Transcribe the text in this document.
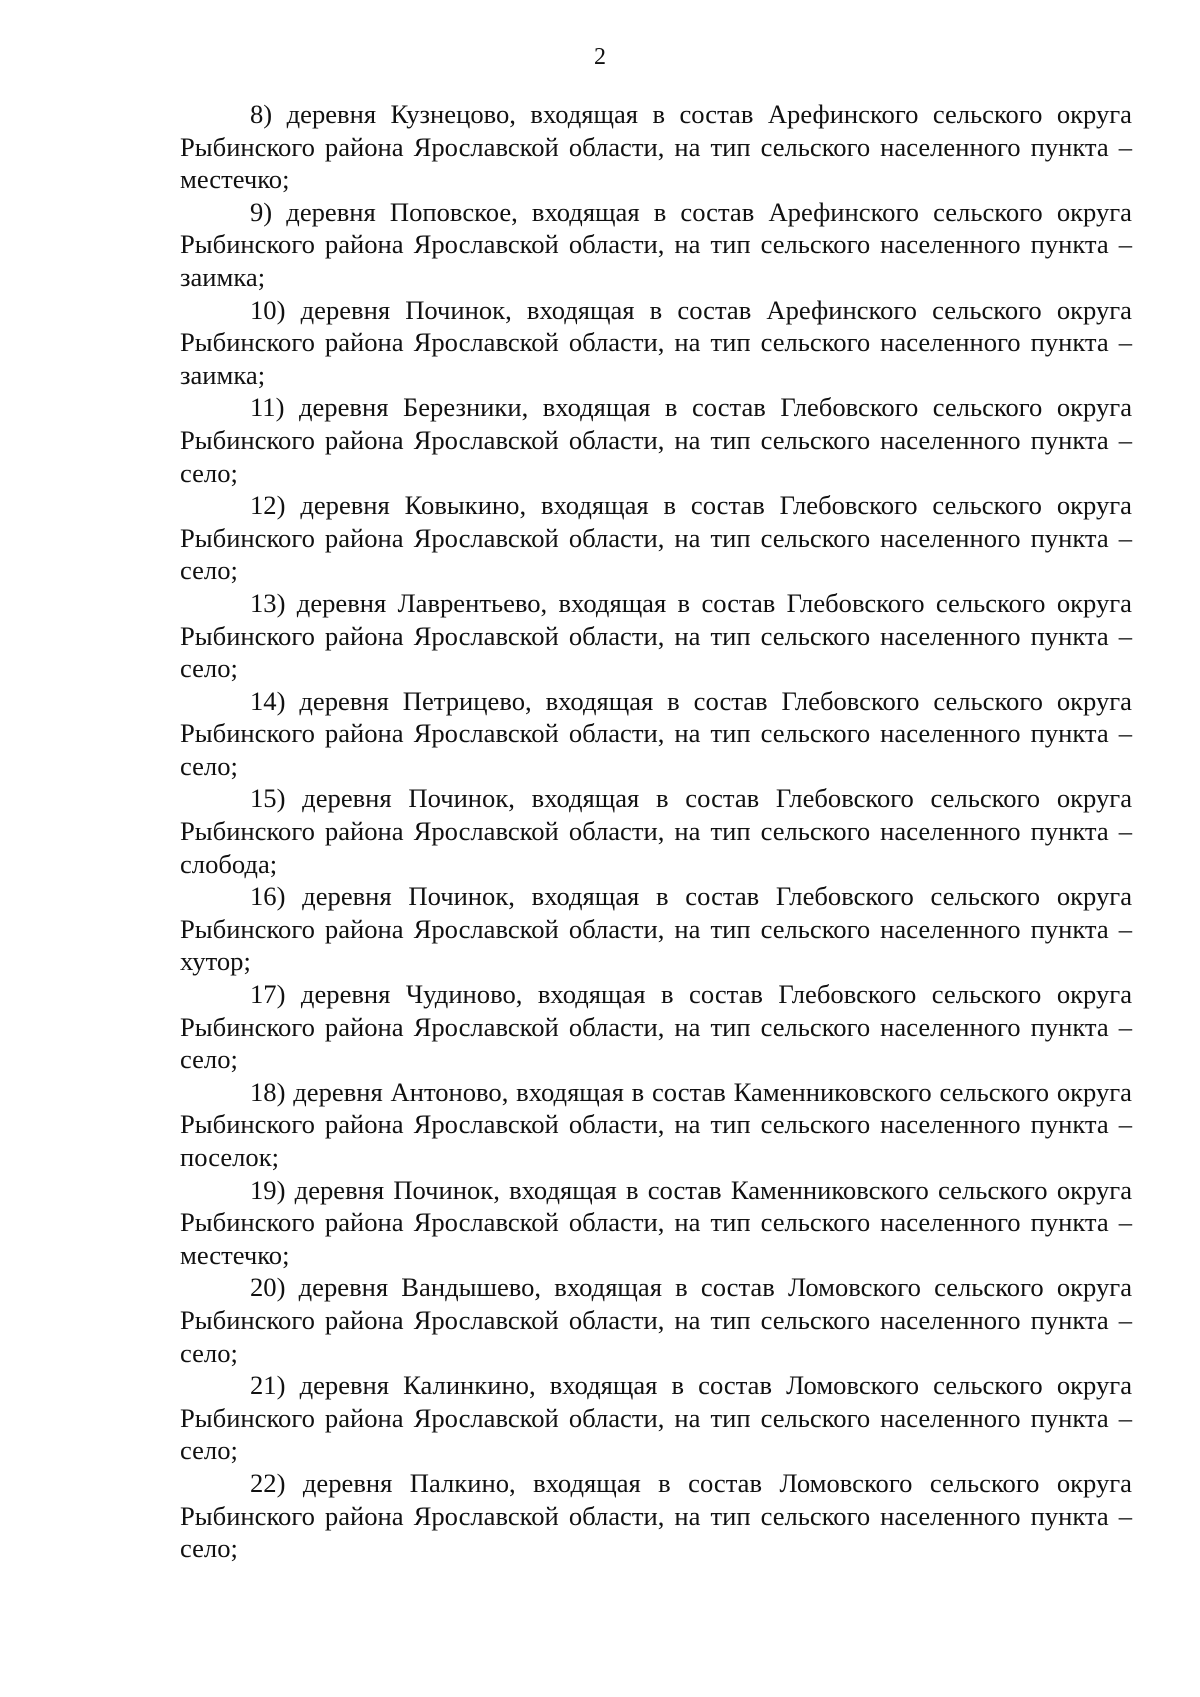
2

8) деревня Кузнецово, входящая в состав Арефинского сельского округа Рыбинского района Ярославской области, на тип сельского населенного пункта – местечко;

9) деревня Поповское, входящая в состав Арефинского сельского округа Рыбинского района Ярославской области, на тип сельского населенного пункта – заимка;

10) деревня Починок, входящая в состав Арефинского сельского округа Рыбинского района Ярославской области, на тип сельского населенного пункта – заимка;

11) деревня Березники, входящая в состав Глебовского сельского округа Рыбинского района Ярославской области, на тип сельского населенного пункта – село;

12) деревня Ковыкино, входящая в состав Глебовского сельского округа Рыбинского района Ярославской области, на тип сельского населенного пункта – село;

13) деревня Лаврентьево, входящая в состав Глебовского сельского округа Рыбинского района Ярославской области, на тип сельского населенного пункта – село;

14) деревня Петрицево, входящая в состав Глебовского сельского округа Рыбинского района Ярославской области, на тип сельского населенного пункта – село;

15) деревня Починок, входящая в состав Глебовского сельского округа Рыбинского района Ярославской области, на тип сельского населенного пункта – слобода;

16) деревня Починок, входящая в состав Глебовского сельского округа Рыбинского района Ярославской области, на тип сельского населенного пункта – хутор;

17) деревня Чудиново, входящая в состав Глебовского сельского округа Рыбинского района Ярославской области, на тип сельского населенного пункта – село;

18) деревня Антоново, входящая в состав Каменниковского сельского округа Рыбинского района Ярославской области, на тип сельского населенного пункта – поселок;

19) деревня Починок, входящая в состав Каменниковского сельского округа Рыбинского района Ярославской области, на тип сельского населенного пункта – местечко;

20) деревня Вандышево, входящая в состав Ломовского сельского округа Рыбинского района Ярославской области, на тип сельского населенного пункта – село;

21) деревня Калинкино, входящая в состав Ломовского сельского округа Рыбинского района Ярославской области, на тип сельского населенного пункта – село;

22) деревня Палкино, входящая в состав Ломовского сельского округа Рыбинского района Ярославской области, на тип сельского населенного пункта – село;
